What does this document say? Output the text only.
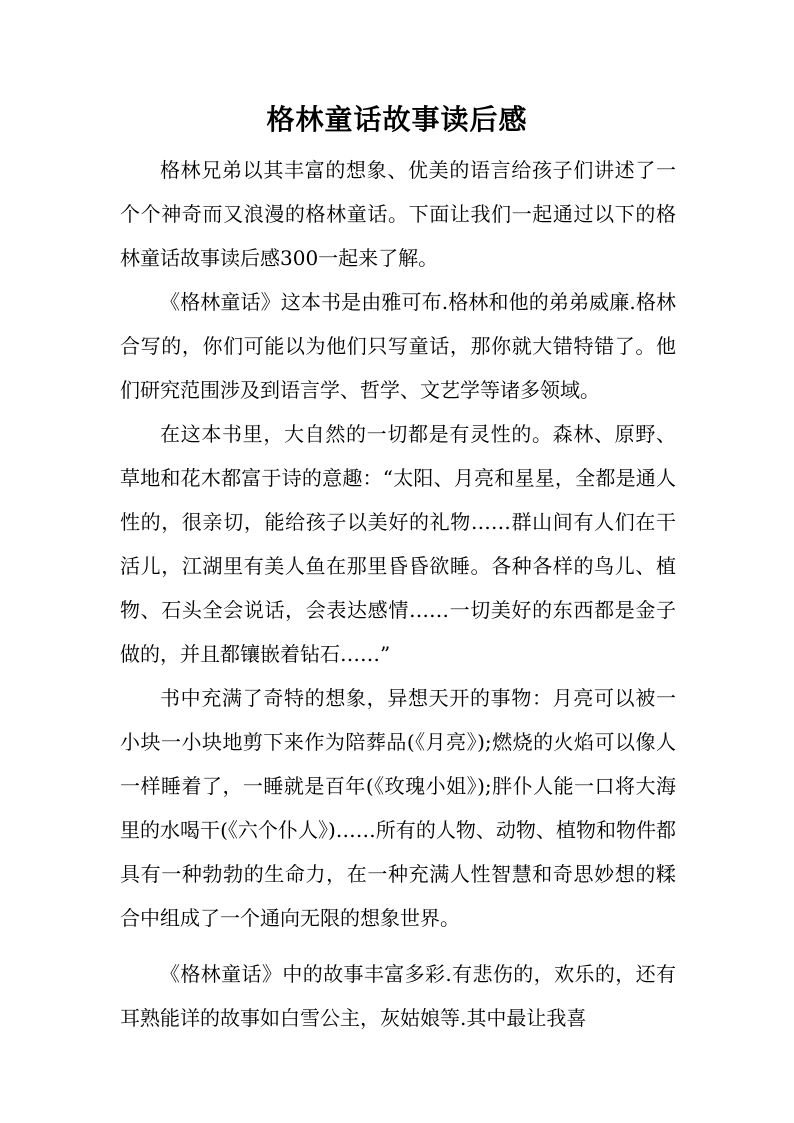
格林童话故事读后感

格林兄弟以其丰富的想象、优美的语言给孩子们讲述了一个个神奇而又浪漫的格林童话。下面让我们一起通过以下的格林童话故事读后感300一起来了解。

《格林童话》这本书是由雅可布.格林和他的弟弟威廉.格林合写的，你们可能以为他们只写童话，那你就大错特错了。他们研究范围涉及到语言学、哲学、文艺学等诸多领域。

在这本书里，大自然的一切都是有灵性的。森林、原野、草地和花木都富于诗的意趣：“太阳、月亮和星星，全都是通人性的，很亲切，能给孩子以美好的礼物……群山间有人们在干活儿，江湖里有美人鱼在那里昏昏欲睡。各种各样的鸟儿、植物、石头全会说话，会表达感情……一切美好的东西都是金子做的，并且都镶嵌着钻石……”

书中充满了奇特的想象，异想天开的事物：月亮可以被一小块一小块地剪下来作为陪葬品(《月亮》);燃烧的火焰可以像人一样睡着了，一睡就是百年(《玫瑰小姐》);胖仆人能一口将大海里的水喝干(《六个仆人》)……所有的人物、动物、植物和物件都具有一种勃勃的生命力，在一种充满人性智慧和奇思妙想的糅合中组成了一个通向无限的想象世界。

《格林童话》中的故事丰富多彩.有悲伤的，欢乐的，还有耳熟能详的故事如白雪公主，灰姑娘等.其中最让我喜
